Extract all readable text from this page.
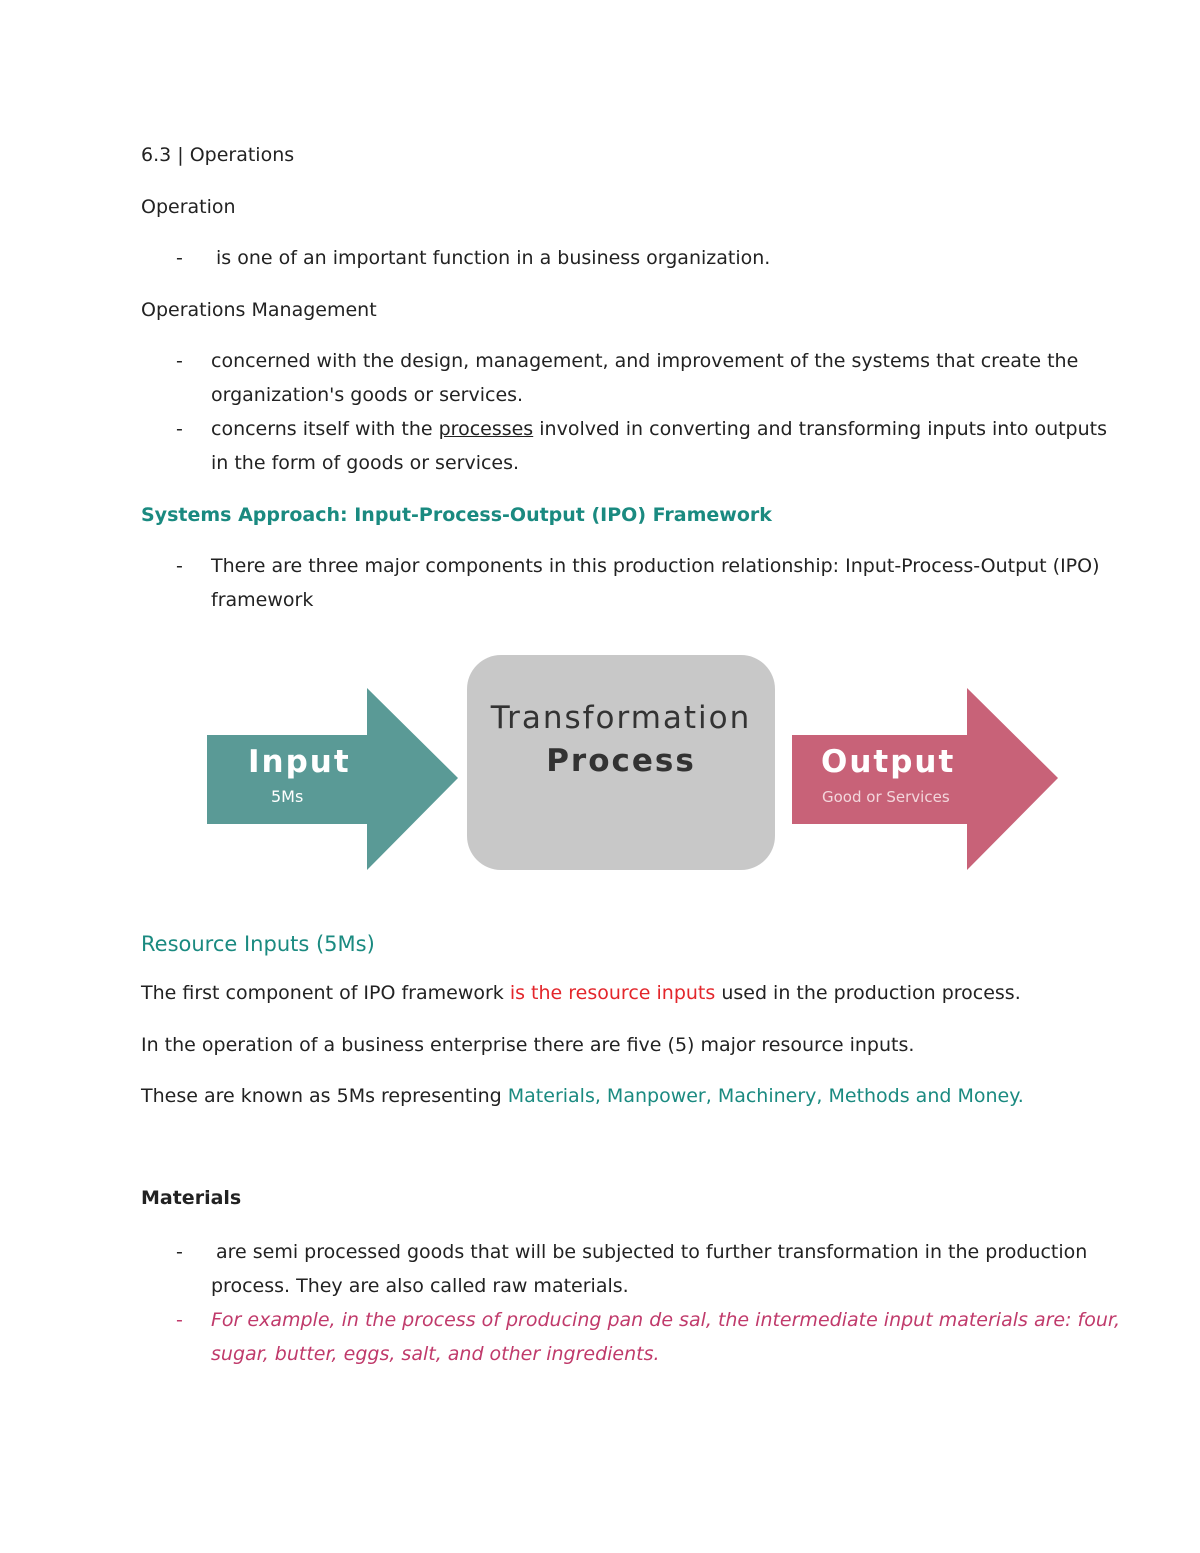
6.3 | Operations
Operation
- is one of an important function in a business organization.
Operations Management
- concerned with the design, management, and improvement of the systems that create the
organization's goods or services.
- concerns itself with the processes involved in converting and transforming inputs into outputs
in the form of goods or services.
Systems Approach: Input-Process-Output (IPO) Framework
- There are three major components in this production relationship: Input-Process-Output (IPO)
framework
Input
5Ms
Transformation
Process	Output
Good or Services
Resource Inputs (5Ms)
The first component of IPO framework is the resource inputs used in the production process.
In the operation of a business enterprise there are five (5) major resource inputs.
These are known as 5Ms representing Materials, Manpower, Machinery, Methods and Money.
Materials
- are semi processed goods that will be subjected to further transformation in the production
process. They are also called raw materials.
- For example, in the process of producing pan de sal, the intermediate input materials are: four,
sugar, butter, eggs, salt, and other ingredients.
